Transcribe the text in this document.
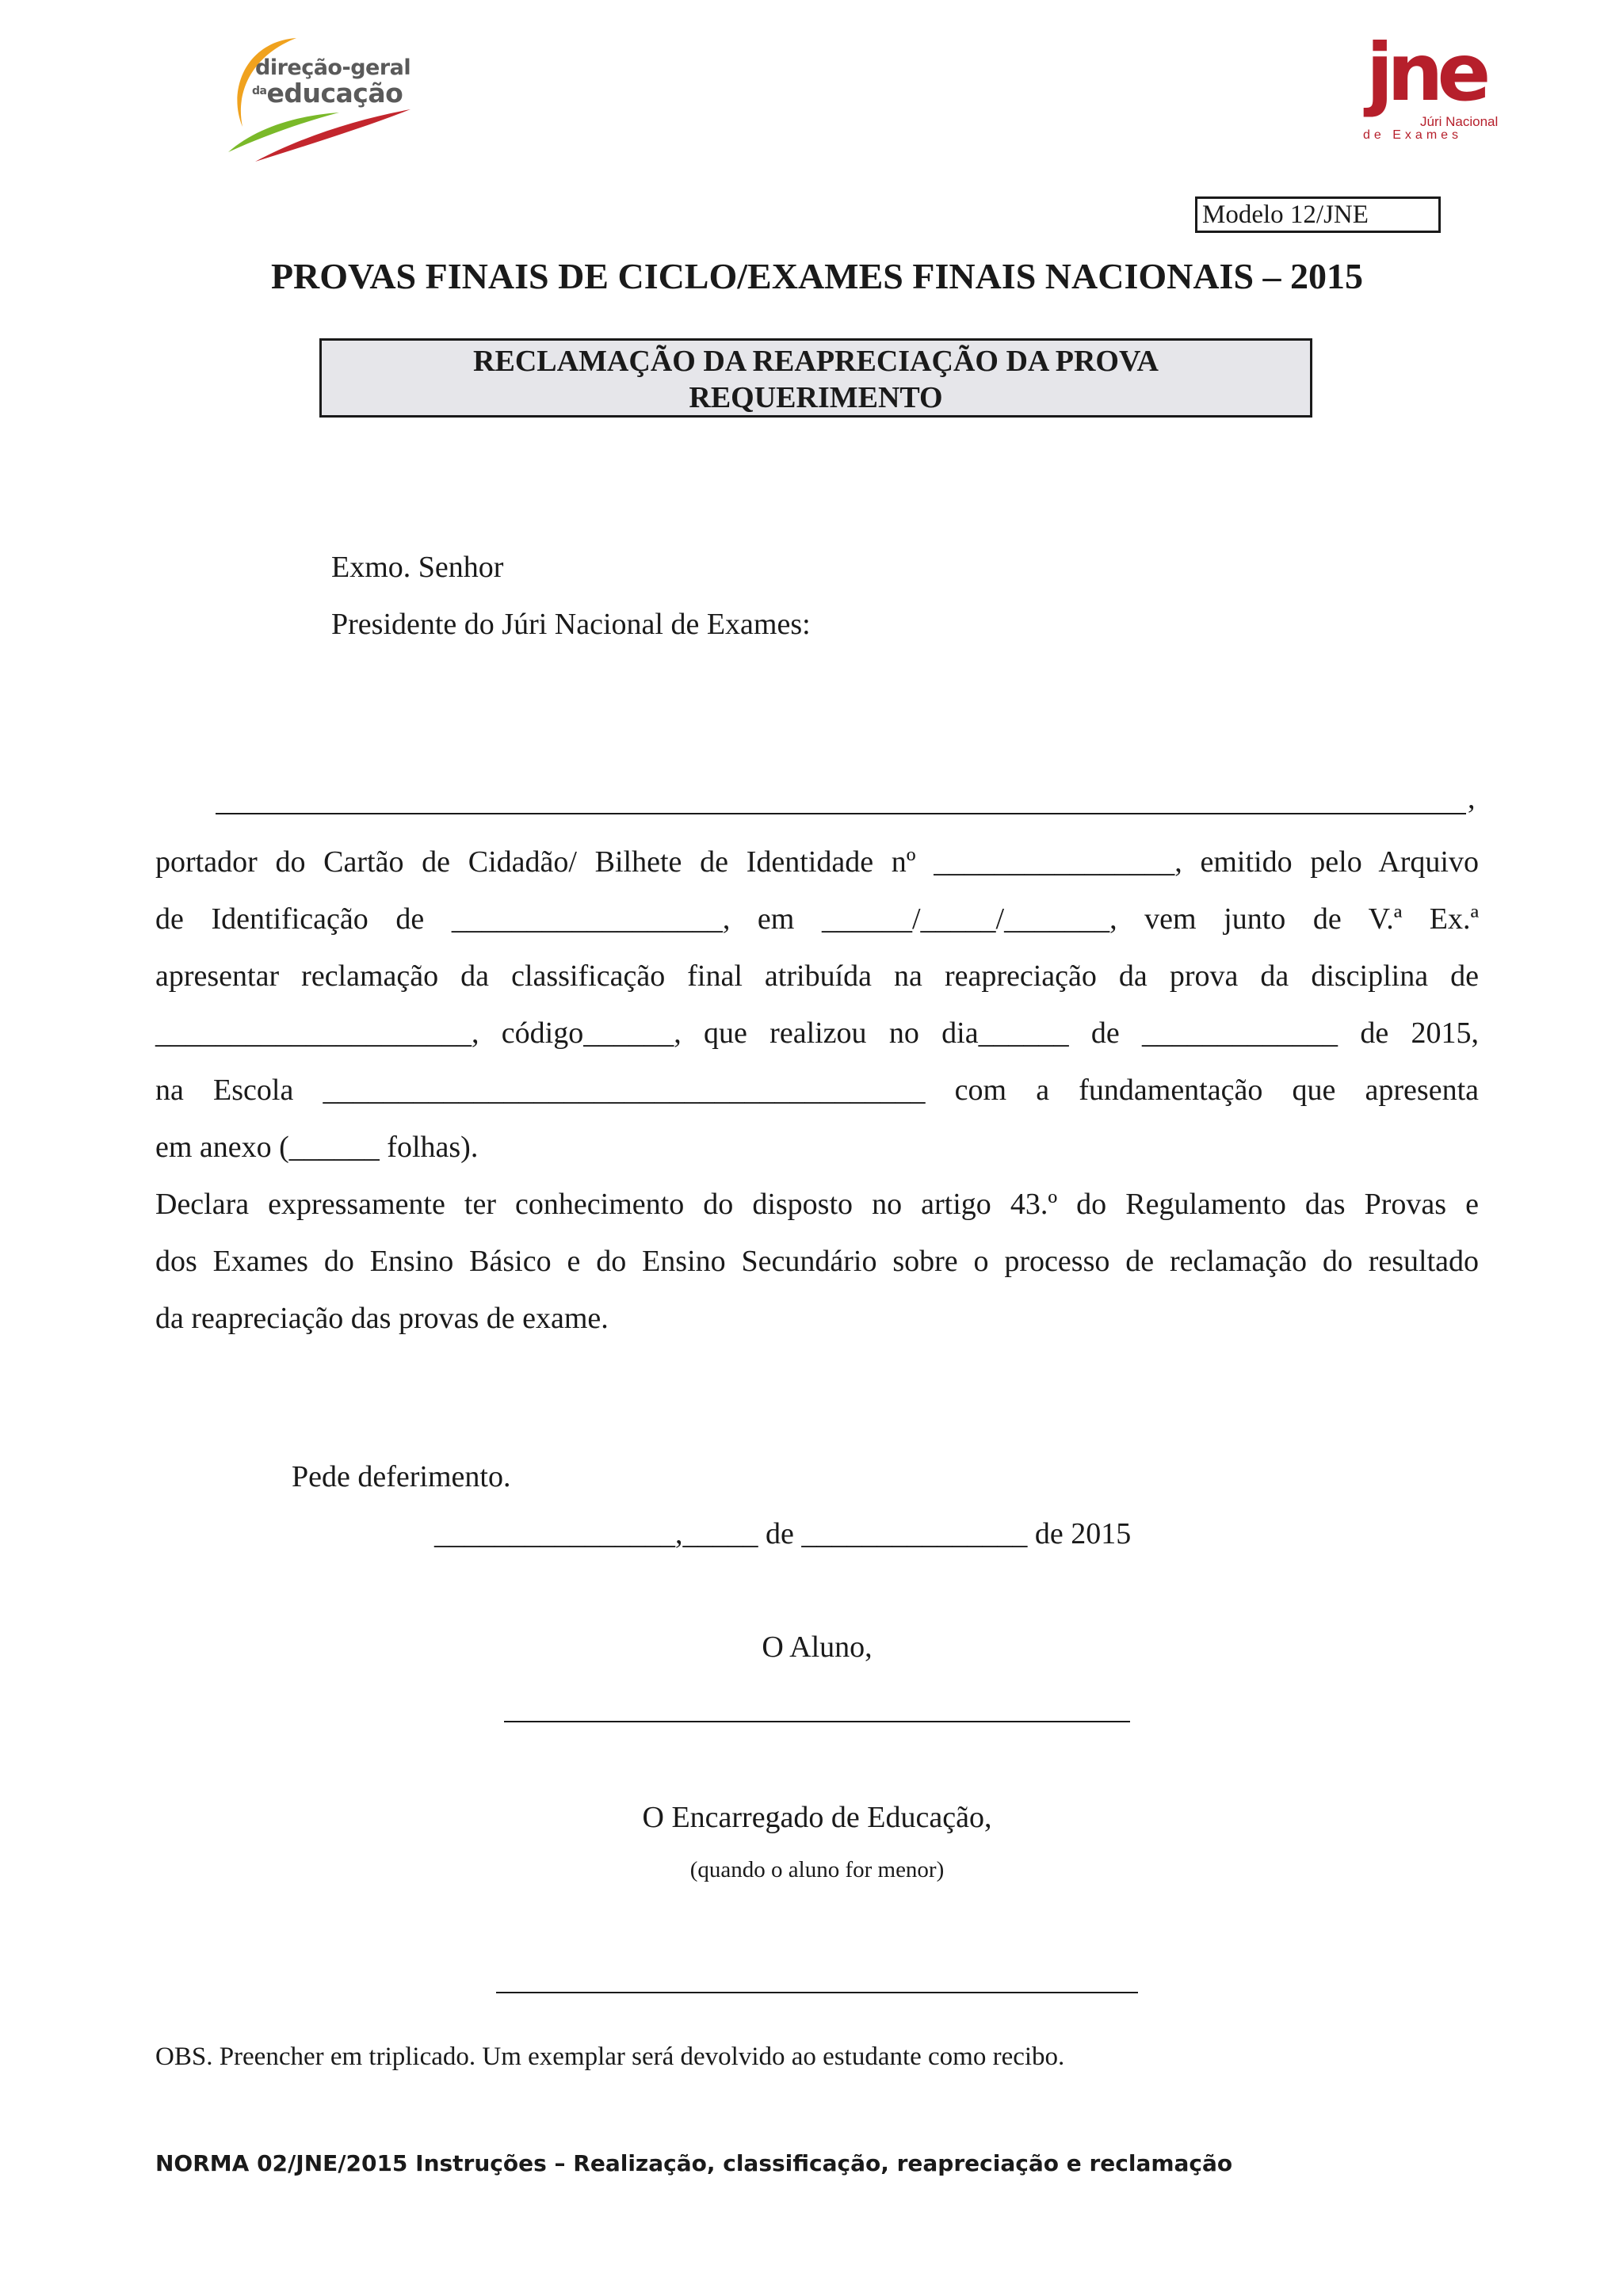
direção-geral
$^{da}$educação	jne
Júri Nacional
de Exames
Modelo 12/JNE
PROVAS FINAIS DE CICLO/EXAMES FINAIS NACIONAIS – 2015
RECLAMAÇÃO DA REAPRECIAÇÃO DA PROVA
REQUERIMENTO
Exmo. Senhor
Presidente do Júri Nacional de Exames:
,
portador do Cartão de Cidadão/ Bilhete de Identidade nº ________________, emitido pelo Arquivo
de Identificação de __________________, em ______/_____/_______, vem junto de V.ª Ex.ª
apresentar reclamação da classificação final atribuída na reapreciação da prova da disciplina de
_____________________, código______, que realizou no dia______ de _____________ de 2015,
na Escola ________________________________________ com a fundamentação que apresenta
em anexo (______ folhas).
Declara expressamente ter conhecimento do disposto no artigo 43.º do Regulamento das Provas e
dos Exames do Ensino Básico e do Ensino Secundário sobre o processo de reclamação do resultado
da reapreciação das provas de exame.
Pede deferimento.
________________,_____ de _______________ de 2015
O Aluno,
O Encarregado de Educação,
(quando o aluno for menor)
OBS. Preencher em triplicado. Um exemplar será devolvido ao estudante como recibo.
NORMA 02/JNE/2015 Instruções – Realização, classificação, reapreciação e reclamação
